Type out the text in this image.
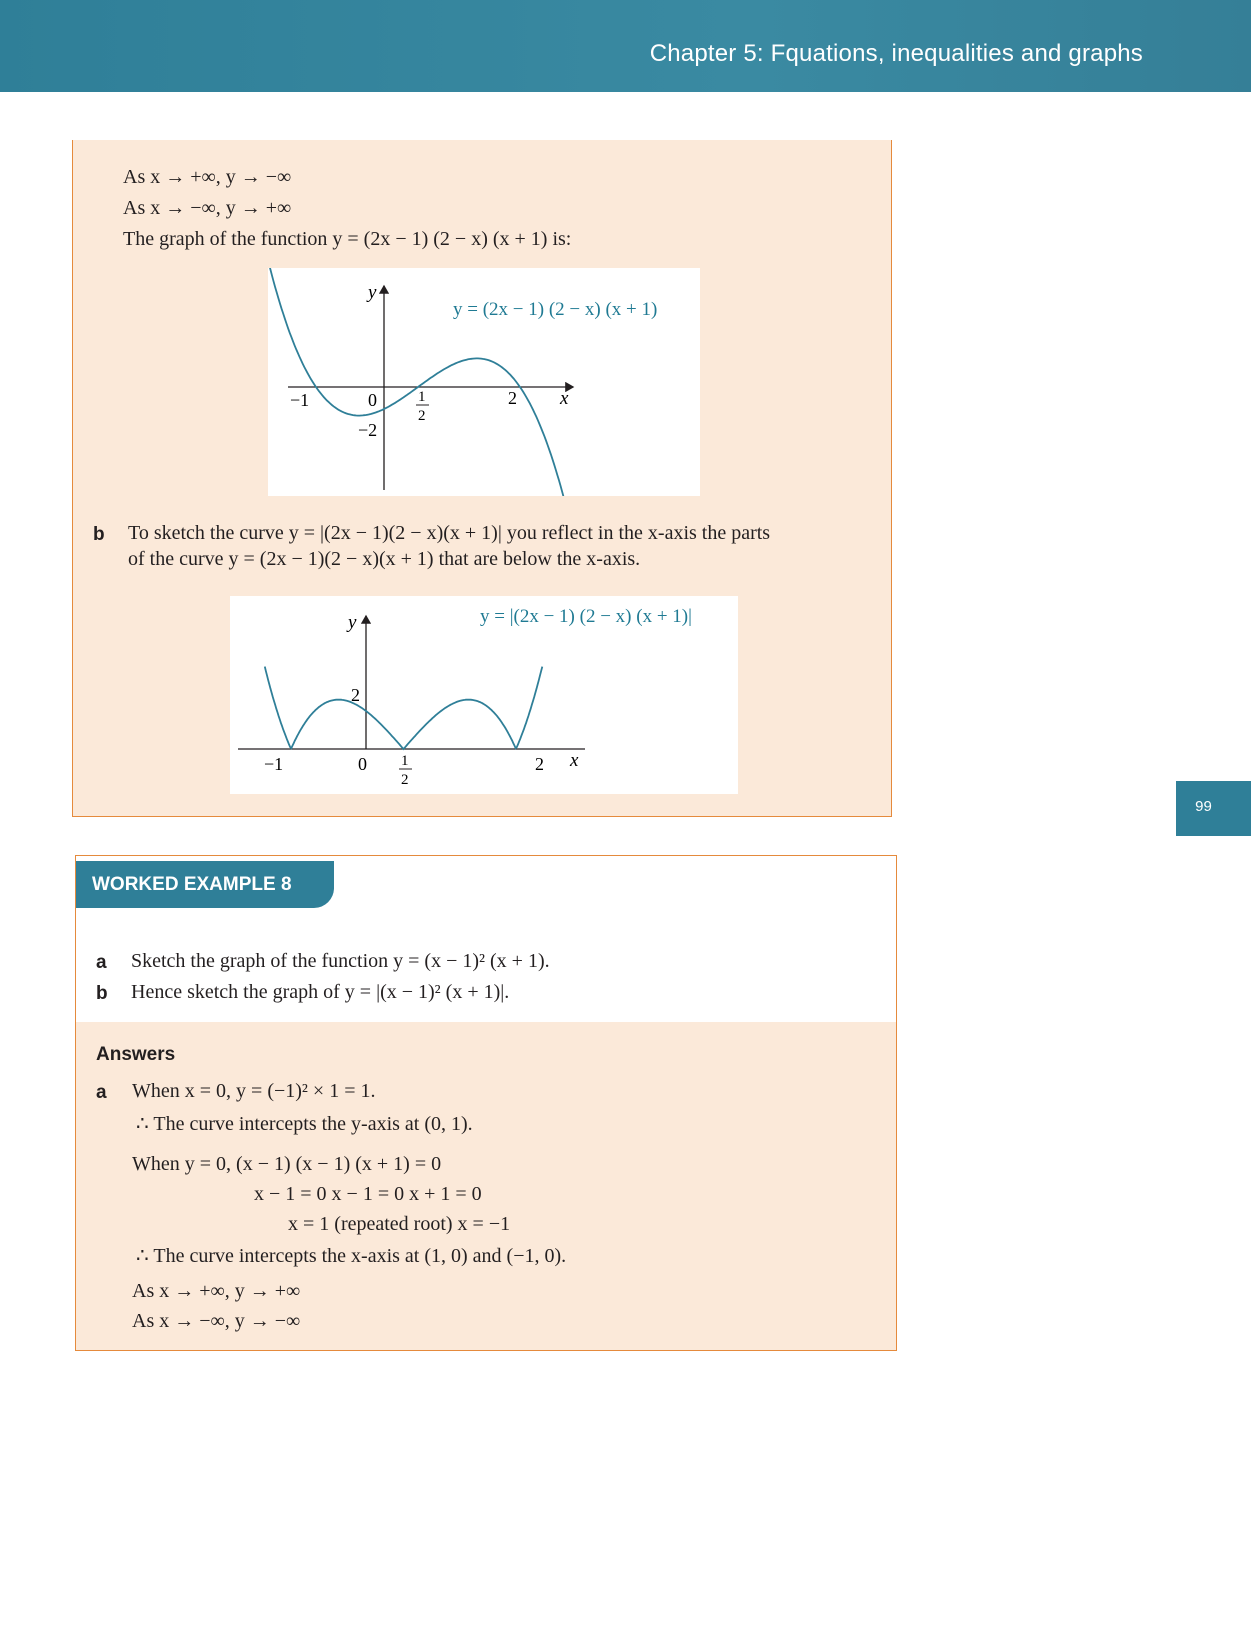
Chapter 5: Fquations, inequalities and graphs
99
As x → +∞, y → −∞
As x → −∞, y → +∞
The graph of the function y = (2x − 1) (2 − x) (x + 1) is:
y
x
−1	0	1
2
2
−2
y = (2x − 1) (2 − x) (x + 1)
b To sketch the curve y = |(2x − 1)(2 − x)(x + 1)| you reflect in the x-axis the parts
of the curve y = (2x − 1)(2 − x)(x + 1) that are below the x-axis.
y
x
−1	0 1
2
2
2
y = |(2x − 1) (2 − x) (x + 1)|
WORKED EXAMPLE 8
a Sketch the graph of the function y = (x − 1)² (x + 1).
b Hence sketch the graph of y = |(x − 1)² (x + 1)|.
Answers
a When x = 0, y = (−1)² × 1 = 1.
∴ The curve intercepts the y-axis at (0, 1).
When y = 0, (x − 1) (x − 1) (x + 1) = 0
x − 1 = 0 x − 1 = 0 x + 1 = 0
x = 1 (repeated root) x = −1
∴ The curve intercepts the x-axis at (1, 0) and (−1, 0).
As x → +∞, y → +∞
As x → −∞, y → −∞
